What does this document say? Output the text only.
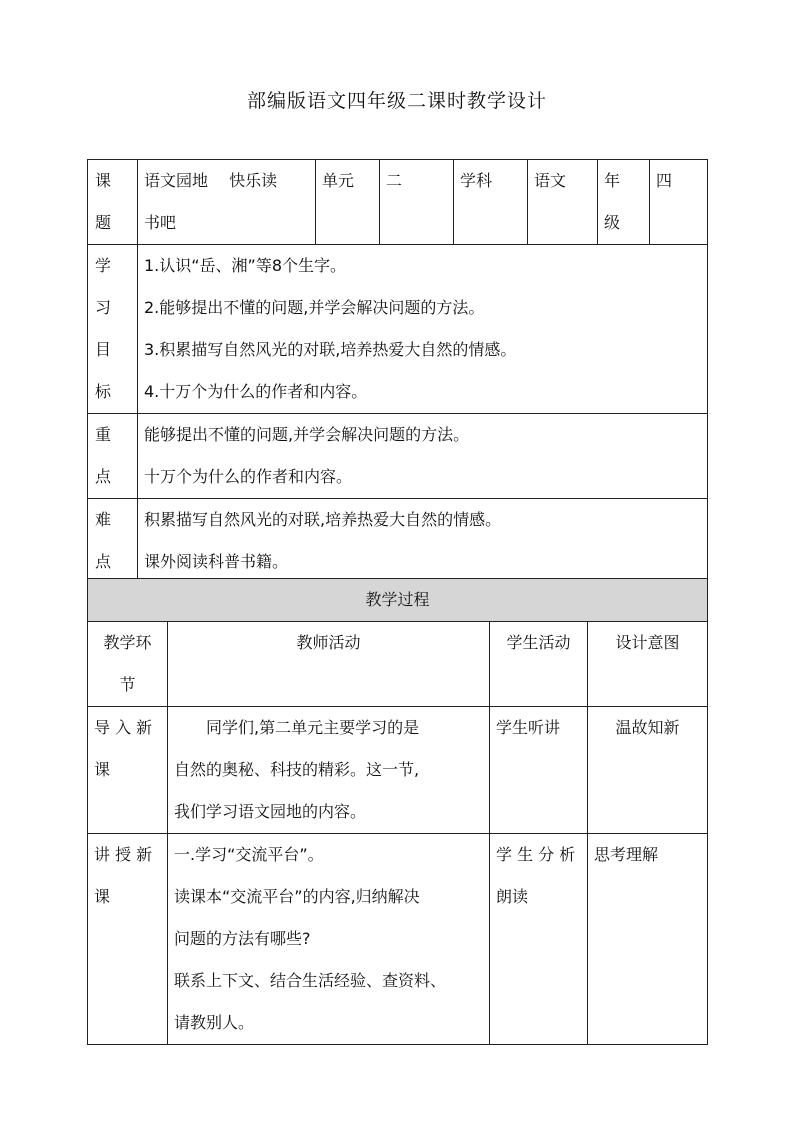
部编版语文四年级二课时教学设计
课
题	语文园地　 快乐读
书吧	单元	二	学科	语文	年
级	四

学
习
目
标	1.认识“岳、湘”等8个生字。
2.能够提出不懂的问题,并学会解决问题的方法。
3.积累描写自然风光的对联,培养热爱大自然的情感。
4.十万个为什么的作者和内容。						

重
点	能够提出不懂的问题,并学会解决问题的方法。
十万个为什么的作者和内容。						

难
点	积累描写自然风光的对联,培养热爱大自然的情感。
课外阅读科普书籍。						
教学过程			

教学环
节	教师活动	学生活动	设计意图

导 入 新
课	同学们,第二单元主要学习的是
自然的奥秘、科技的精彩。这一节,
我们学习语文园地的内容。	学生听讲	温故知新

讲 授 新
课	一.学习“交流平台”。
读课本“交流平台”的内容,归纳解决
问题的方法有哪些?
联系上下文、结合生活经验、查资料、
请教别人。	学 生 分 析
朗读	思考理解
